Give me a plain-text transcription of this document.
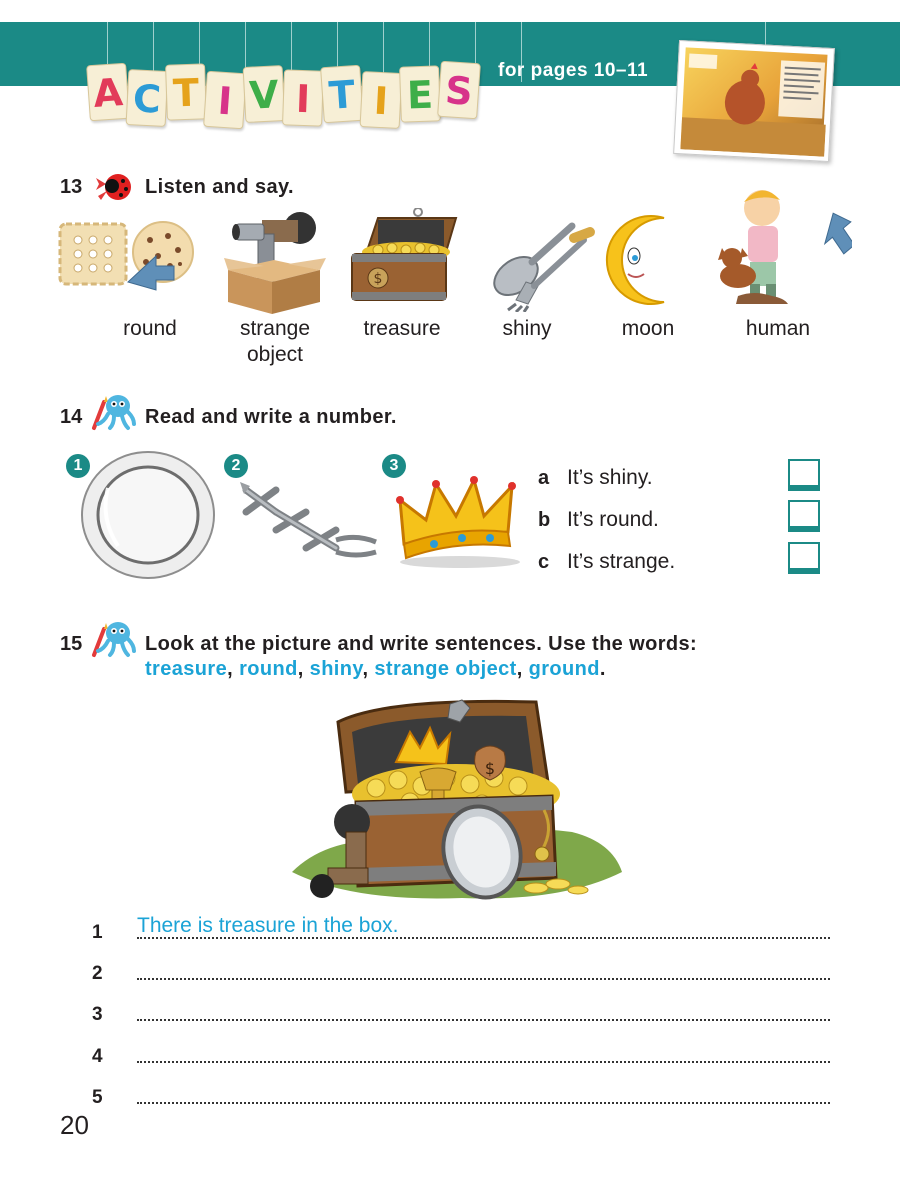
A C T I V I T I E S	for pages 10–11
13	Listen and say.
$
round	strange
object
treasure	shiny	moon	human
14	Read and write a number.
1	2	3
a It’s shiny.
b It’s round.
c It’s strange.
15	Look at the picture and write sentences. Use the words:
treasure, round, shiny, strange object, ground.
$
1 There is treasure in the box.
2
3
4
5
20
